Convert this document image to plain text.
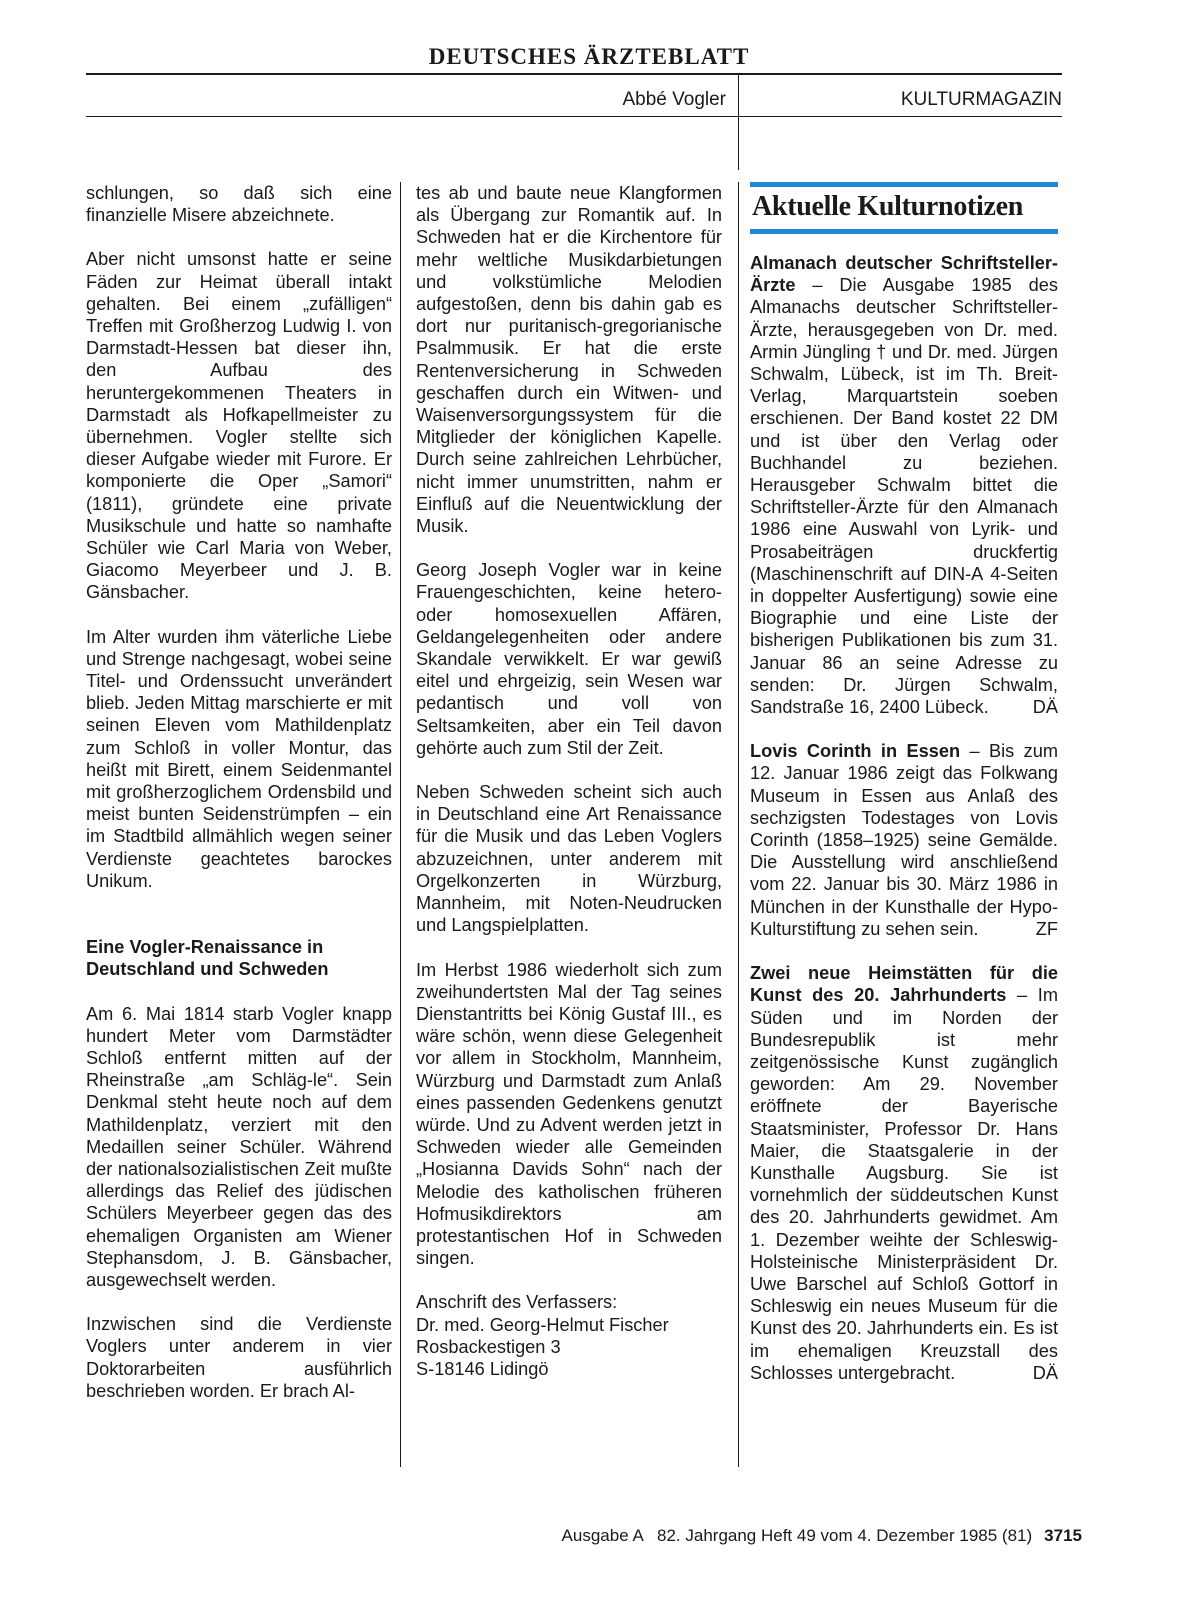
DEUTSCHES ÄRZTEBLATT
Abbé Vogler	KULTURMAGAZIN

schlungen, so daß sich eine finanzielle Misere abzeichnete.

Aber nicht umsonst hatte er seine Fäden zur Heimat überall intakt gehalten. Bei einem „zufälligen“ Treffen mit Großherzog Ludwig I. von Darmstadt-Hessen bat dieser ihn, den Aufbau des heruntergekommenen Theaters in Darmstadt als Hofkapellmeister zu übernehmen. Vogler stellte sich dieser Aufgabe wieder mit Furore. Er komponierte die Oper „Samori“ (1811), gründete eine private Musikschule und hatte so namhafte Schüler wie Carl Maria von Weber, Giacomo Meyerbeer und J. B. Gänsbacher.

Im Alter wurden ihm väterliche Liebe und Strenge nachgesagt, wobei seine Titel- und Ordenssucht unverändert blieb. Jeden Mittag marschierte er mit seinen Eleven vom Mathildenplatz zum Schloß in voller Montur, das heißt mit Birett, einem Seidenmantel mit großherzoglichem Ordensbild und meist bunten Seidenstrümpfen – ein im Stadtbild allmählich wegen seiner Verdienste geachtetes barockes Unikum.

Eine Vogler-Renaissance in Deutschland und Schweden

Am 6. Mai 1814 starb Vogler knapp hundert Meter vom Darmstädter Schloß entfernt mitten auf der Rheinstraße „am Schläg-le“. Sein Denkmal steht heute noch auf dem Mathildenplatz, verziert mit den Medaillen seiner Schüler. Während der nationalsozialistischen Zeit mußte allerdings das Relief des jüdischen Schülers Meyerbeer gegen das des ehemaligen Organisten am Wiener Stephansdom, J. B. Gänsbacher, ausgewechselt werden.

Inzwischen sind die Verdienste Voglers unter anderem in vier Doktorarbeiten ausführlich beschrieben worden. Er brach Al-

tes ab und baute neue Klangformen als Übergang zur Romantik auf. In Schweden hat er die Kirchentore für mehr weltliche Musikdarbietungen und volkstümliche Melodien aufgestoßen, denn bis dahin gab es dort nur puritanisch-gregorianische Psalmmusik. Er hat die erste Rentenversicherung in Schweden geschaffen durch ein Witwen- und Waisenversorgungssystem für die Mitglieder der königlichen Kapelle. Durch seine zahlreichen Lehrbücher, nicht immer unumstritten, nahm er Einfluß auf die Neuentwicklung der Musik.

Georg Joseph Vogler war in keine Frauengeschichten, keine hetero- oder homosexuellen Affären, Geldangelegenheiten oder andere Skandale verwikkelt. Er war gewiß eitel und ehrgeizig, sein Wesen war pedantisch und voll von Seltsamkeiten, aber ein Teil davon gehörte auch zum Stil der Zeit.

Neben Schweden scheint sich auch in Deutschland eine Art Renaissance für die Musik und das Leben Voglers abzuzeichnen, unter anderem mit Orgelkonzerten in Würzburg, Mannheim, mit Noten-Neudrucken und Langspielplatten.

Im Herbst 1986 wiederholt sich zum zweihundertsten Mal der Tag seines Dienstantritts bei König Gustaf III., es wäre schön, wenn diese Gelegenheit vor allem in Stockholm, Mannheim, Würzburg und Darmstadt zum Anlaß eines passenden Gedenkens genutzt würde. Und zu Advent werden jetzt in Schweden wieder alle Gemeinden „Hosianna Davids Sohn“ nach der Melodie des katholischen früheren Hofmusikdirektors am protestantischen Hof in Schweden singen.

Anschrift des Verfassers:
Dr. med. Georg-Helmut Fischer
Rosbackestigen 3
S-18146 Lidingö
Aktuelle Kulturnotizen

Almanach deutscher Schriftsteller-Ärzte – Die Ausgabe 1985 des Almanachs deutscher Schriftsteller-Ärzte, herausgegeben von Dr. med. Armin Jüngling † und Dr. med. Jürgen Schwalm, Lübeck, ist im Th. Breit-Verlag, Marquartstein soeben erschienen. Der Band kostet 22 DM und ist über den Verlag oder Buchhandel zu beziehen. Herausgeber Schwalm bittet die Schriftsteller-Ärzte für den Almanach 1986 eine Auswahl von Lyrik- und Prosabeiträgen druckfertig (Maschinenschrift auf DIN-A 4-Seiten in doppelter Ausfertigung) sowie eine Biographie und eine Liste der bisherigen Publikationen bis zum 31. Januar 86 an seine Adresse zu senden: Dr. Jürgen Schwalm, Sandstraße 16, 2400 Lübeck. DÄ

Lovis Corinth in Essen – Bis zum 12. Januar 1986 zeigt das Folkwang Museum in Essen aus Anlaß des sechzigsten Todestages von Lovis Corinth (1858–1925) seine Gemälde. Die Ausstellung wird anschließend vom 22. Januar bis 30. März 1986 in München in der Kunsthalle der Hypo-Kulturstiftung zu sehen sein.	ZF

Zwei neue Heimstätten für die Kunst des 20. Jahrhunderts – Im Süden und im Norden der Bundesrepublik ist mehr zeitgenössische Kunst zugänglich geworden: Am 29. November eröffnete der Bayerische Staatsminister, Professor Dr. Hans Maier, die Staatsgalerie in der Kunsthalle Augsburg. Sie ist vornehmlich der süddeutschen Kunst des 20. Jahrhunderts gewidmet. Am 1. Dezember weihte der Schleswig-Holsteinische Ministerpräsident Dr. Uwe Barschel auf Schloß Gottorf in Schleswig ein neues Museum für die Kunst des 20. Jahrhunderts ein. Es ist im ehemaligen Kreuzstall des Schlosses untergebracht.	DÄ

Ausgabe A   82. Jahrgang Heft 49 vom 4. Dezember 1985 (81) 3715
